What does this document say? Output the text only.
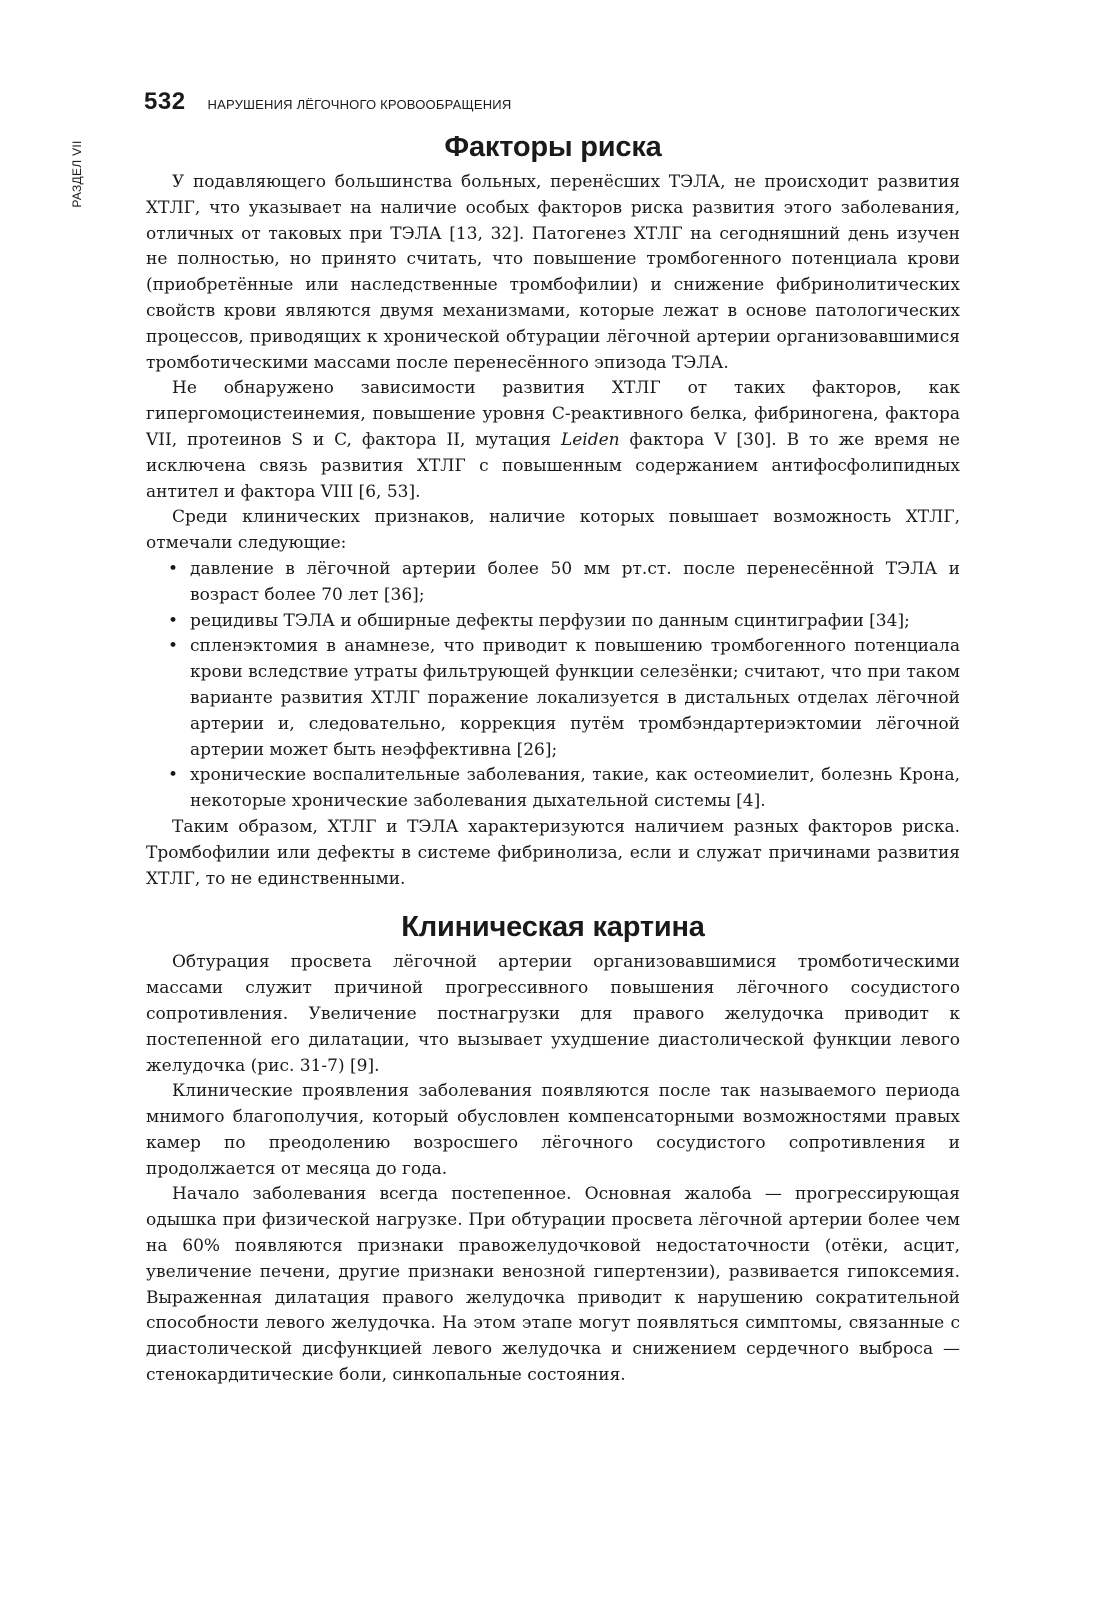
532 НАРУШЕНИЯ ЛЁГОЧНОГО КРОВООБРАЩЕНИЯ
РАЗДЕЛ VII	Факторы риска

У подавляющего большинства больных, перенёсших ТЭЛА, не происходит развития ХТЛГ, что указывает на наличие особых факторов риска развития этого заболевания, отличных от таковых при ТЭЛА [13, 32]. Патогенез ХТЛГ на сегодняшний день изучен не полностью, но принято считать, что повышение тромбогенного потенциала крови (приобретённые или наследственные тромбофилии) и снижение фибринолитических свойств крови являются двумя механизмами, которые лежат в основе патологических процессов, приводящих к хронической обтурации лёгочной артерии организовавшимися тромботическими массами после перенесённого эпизода ТЭЛА.

Не обнаружено зависимости развития ХТЛГ от таких факторов, как гипергомоцистеинемия, повышение уровня С-реактивного белка, фибриногена, фактора VII, протеинов S и C, фактора II, мутация Leiden фактора V [30]. В то же время не исключена связь развития ХТЛГ с повышенным содержанием антифосфолипидных антител и фактора VIII [6, 53].

Среди клинических признаков, наличие которых повышает возможность ХТЛГ, отмечали следующие:

• давление в лёгочной артерии более 50 мм рт.ст. после перенесённой ТЭЛА и возраст более 70 лет [36];
• рецидивы ТЭЛА и обширные дефекты перфузии по данным сцинтиграфии [34];
• спленэктомия в анамнезе, что приводит к повышению тромбогенного потенциала крови вследствие утраты фильтрующей функции селезёнки; считают, что при таком варианте развития ХТЛГ поражение локализуется в дистальных отделах лёгочной артерии и, следовательно, коррекция путём тромбэндартериэктомии лёгочной артерии может быть неэффективна [26];
• хронические воспалительные заболевания, такие, как остеомиелит, болезнь Крона, некоторые хронические заболевания дыхательной системы [4].

Таким образом, ХТЛГ и ТЭЛА характеризуются наличием разных факторов риска. Тромбофилии или дефекты в системе фибринолиза, если и служат причинами развития ХТЛГ, то не единственными.

Клиническая картина

Обтурация просвета лёгочной артерии организовавшимися тромботическими массами служит причиной прогрессивного повышения лёгочного сосудистого сопротивления. Увеличение постнагрузки для правого желудочка приводит к постепенной его дилатации, что вызывает ухудшение диастолической функции левого желудочка (рис. 31-7) [9].

Клинические проявления заболевания появляются после так называемого периода мнимого благополучия, который обусловлен компенсаторными возможностями правых камер по преодолению возросшего лёгочного сосудистого сопротивления и продолжается от месяца до года.

Начало заболевания всегда постепенное. Основная жалоба — прогрессирующая одышка при физической нагрузке. При обтурации просвета лёгочной артерии более чем на 60% появляются признаки правожелудочковой недостаточности (отёки, асцит, увеличение печени, другие признаки венозной гипертензии), развивается гипоксемия. Выраженная дилатация правого желудочка приводит к нарушению сократительной способности левого желудочка. На этом этапе могут появляться симптомы, связанные с диастолической дисфункцией левого желудочка и снижением сердечного выброса — стенокардитические боли, синкопальные состояния.
